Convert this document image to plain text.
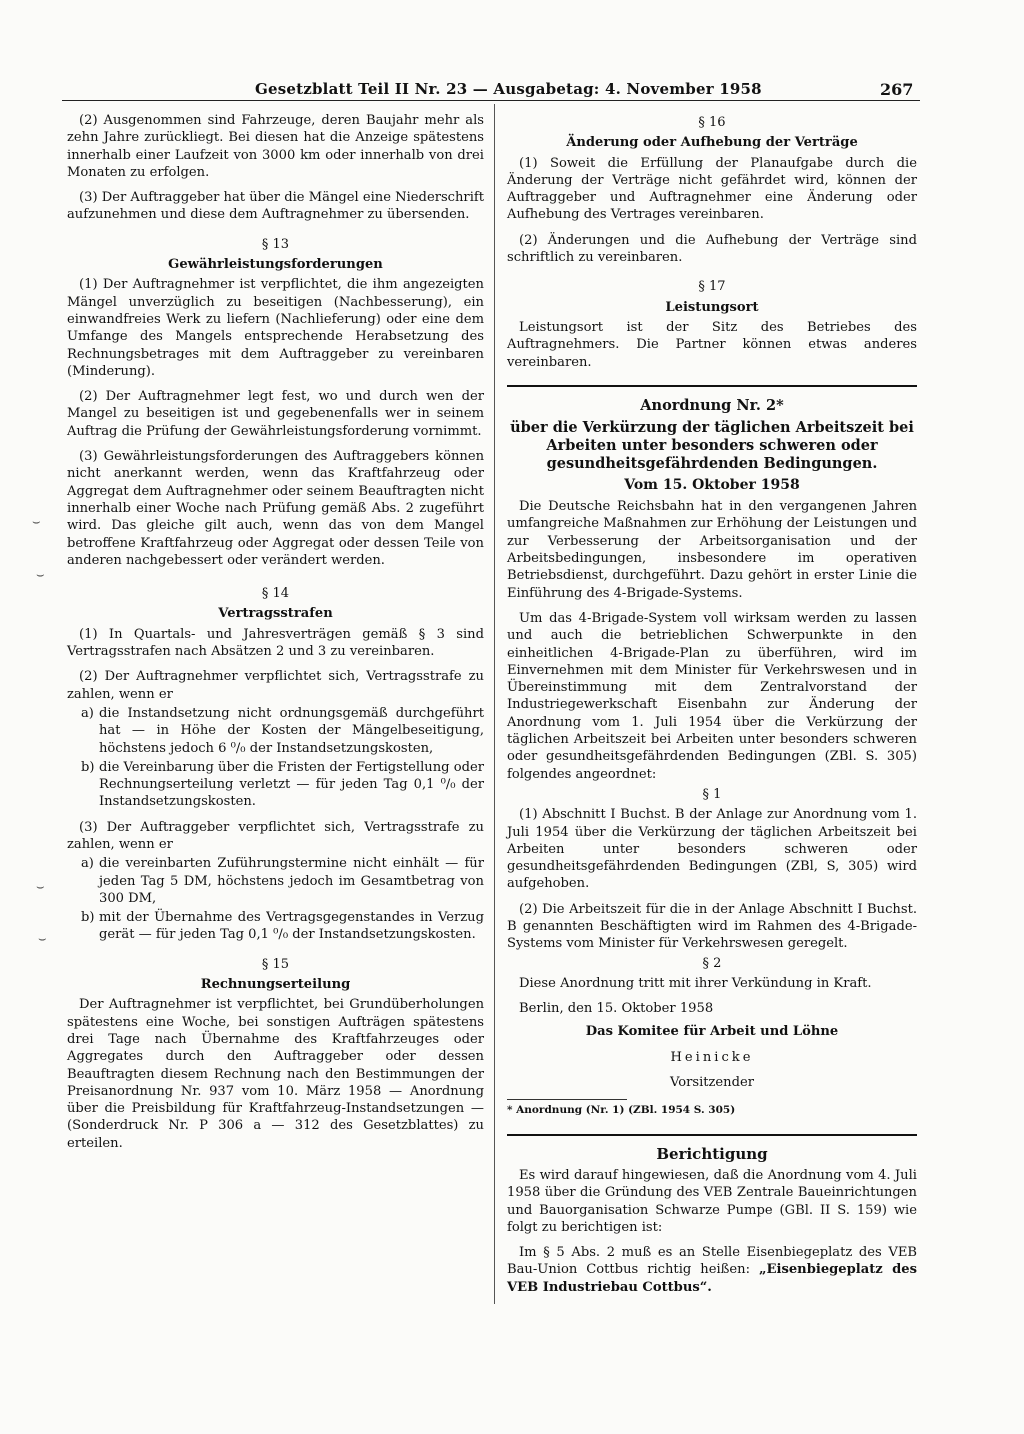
Gesetzblatt Teil II Nr. 23 — Ausgabetag: 4. November 1958	267
⌣
⌣
⌣
⌣

(2) Ausgenommen sind Fahrzeuge, deren Baujahr mehr als zehn Jahre zurückliegt. Bei diesen hat die Anzeige spätestens innerhalb einer Laufzeit von 3000 km oder innerhalb von drei Monaten zu erfolgen.

(3) Der Auftraggeber hat über die Mängel eine Niederschrift aufzunehmen und diese dem Auftragnehmer zu übersenden.

§ 13
Gewährleistungsforderungen

(1) Der Auftragnehmer ist verpflichtet, die ihm angezeigten Mängel unverzüglich zu beseitigen (Nachbesserung), ein einwandfreies Werk zu liefern (Nachlieferung) oder eine dem Umfange des Mangels entsprechende Herabsetzung des Rechnungsbetrages mit dem Auftraggeber zu vereinbaren (Minderung).

(2) Der Auftragnehmer legt fest, wo und durch wen der Mangel zu beseitigen ist und gegebenenfalls wer in seinem Auftrag die Prüfung der Gewährleistungsforderung vornimmt.

(3) Gewährleistungsforderungen des Auftraggebers können nicht anerkannt werden, wenn das Kraftfahrzeug oder Aggregat dem Auftragnehmer oder seinem Beauftragten nicht innerhalb einer Woche nach Prüfung gemäß Abs. 2 zugeführt wird. Das gleiche gilt auch, wenn das von dem Mangel betroffene Kraftfahrzeug oder Aggregat oder dessen Teile von anderen nachgebessert oder verändert werden.

§ 14
Vertragsstrafen

(1) In Quartals- und Jahresverträgen gemäß § 3 sind Vertragsstrafen nach Absätzen 2 und 3 zu vereinbaren.

(2) Der Auftragnehmer verpflichtet sich, Vertragsstrafe zu zahlen, wenn er

a) die Instandsetzung nicht ordnungsgemäß durchgeführt hat — in Höhe der Kosten der Mängelbeseitigung, höchstens jedoch 6 ⁰/₀ der Instandsetzungskosten,
b) die Vereinbarung über die Fristen der Fertigstellung oder Rechnungserteilung verletzt — für jeden Tag 0,1 ⁰/₀ der Instandsetzungskosten.

(3) Der Auftraggeber verpflichtet sich, Vertragsstrafe zu zahlen, wenn er

a) die vereinbarten Zuführungstermine nicht einhält — für jeden Tag 5 DM, höchstens jedoch im Gesamtbetrag von 300 DM,
b) mit der Übernahme des Vertragsgegenstandes in Verzug gerät — für jeden Tag 0,1 ⁰/₀ der Instandsetzungskosten.
§ 15
Rechnungserteilung

Der Auftragnehmer ist verpflichtet, bei Grundüberholungen spätestens eine Woche, bei sonstigen Aufträgen spätestens drei Tage nach Übernahme des Kraftfahrzeuges oder Aggregates durch den Auftraggeber oder dessen Beauftragten diesem Rechnung nach den Bestimmungen der Preisanordnung Nr. 937 vom 10. März 1958 — Anordnung über die Preisbildung für Kraftfahrzeug-Instandsetzungen — (Sonderdruck Nr. P 306 a — 312 des Gesetzblattes) zu erteilen.

§ 16
Änderung oder Aufhebung der Verträge

(1) Soweit die Erfüllung der Planaufgabe durch die Änderung der Verträge nicht gefährdet wird, können der Auftraggeber und Auftragnehmer eine Änderung oder Aufhebung des Vertrages vereinbaren.

(2) Änderungen und die Aufhebung der Verträge sind schriftlich zu vereinbaren.

§ 17
Leistungsort

Leistungsort ist der Sitz des Betriebes des Auftragnehmers. Die Partner können etwas anderes vereinbaren.

Anordnung Nr. 2*
über die Verkürzung der täglichen Arbeitszeit bei Arbeiten unter besonders schweren oder gesundheitsgefährdenden Bedingungen.
Vom 15. Oktober 1958

Die Deutsche Reichsbahn hat in den vergangenen Jahren umfangreiche Maßnahmen zur Erhöhung der Leistungen und zur Verbesserung der Arbeitsorganisation und der Arbeitsbedingungen, insbesondere im operativen Betriebsdienst, durchgeführt. Dazu gehört in erster Linie die Einführung des 4-Brigade-Systems.

Um das 4-Brigade-System voll wirksam werden zu lassen und auch die betrieblichen Schwerpunkte in den einheitlichen 4-Brigade-Plan zu überführen, wird im Einvernehmen mit dem Minister für Verkehrswesen und in Übereinstimmung mit dem Zentralvorstand der Industriegewerkschaft Eisenbahn zur Änderung der Anordnung vom 1. Juli 1954 über die Verkürzung der täglichen Arbeitszeit bei Arbeiten unter besonders schweren oder gesundheitsgefährdenden Bedingungen (ZBl. S. 305) folgendes angeordnet:

§ 1

(1) Abschnitt I Buchst. B der Anlage zur Anordnung vom 1. Juli 1954 über die Verkürzung der täglichen Arbeitszeit bei Arbeiten unter besonders schweren oder gesundheitsgefährdenden Bedingungen (ZBl, S, 305) wird aufgehoben.

(2) Die Arbeitszeit für die in der Anlage Abschnitt I Buchst. B genannten Beschäftigten wird im Rahmen des 4-Brigade-Systems vom Minister für Verkehrswesen geregelt.

§ 2

Diese Anordnung tritt mit ihrer Verkündung in Kraft.

Berlin, den 15. Oktober 1958

Das Komitee für Arbeit und Löhne

Heinicke

Vorsitzender

* Anordnung (Nr. 1) (ZBl. 1954 S. 305)

Berichtigung

Es wird darauf hingewiesen, daß die Anordnung vom 4. Juli 1958 über die Gründung des VEB Zentrale Baueinrichtungen und Bauorganisation Schwarze Pumpe (GBl. II S. 159) wie folgt zu berichtigen ist:

Im § 5 Abs. 2 muß es an Stelle Eisenbiegeplatz des VEB Bau-Union Cottbus richtig heißen: „Eisenbiegeplatz des VEB Industriebau Cottbus“.
